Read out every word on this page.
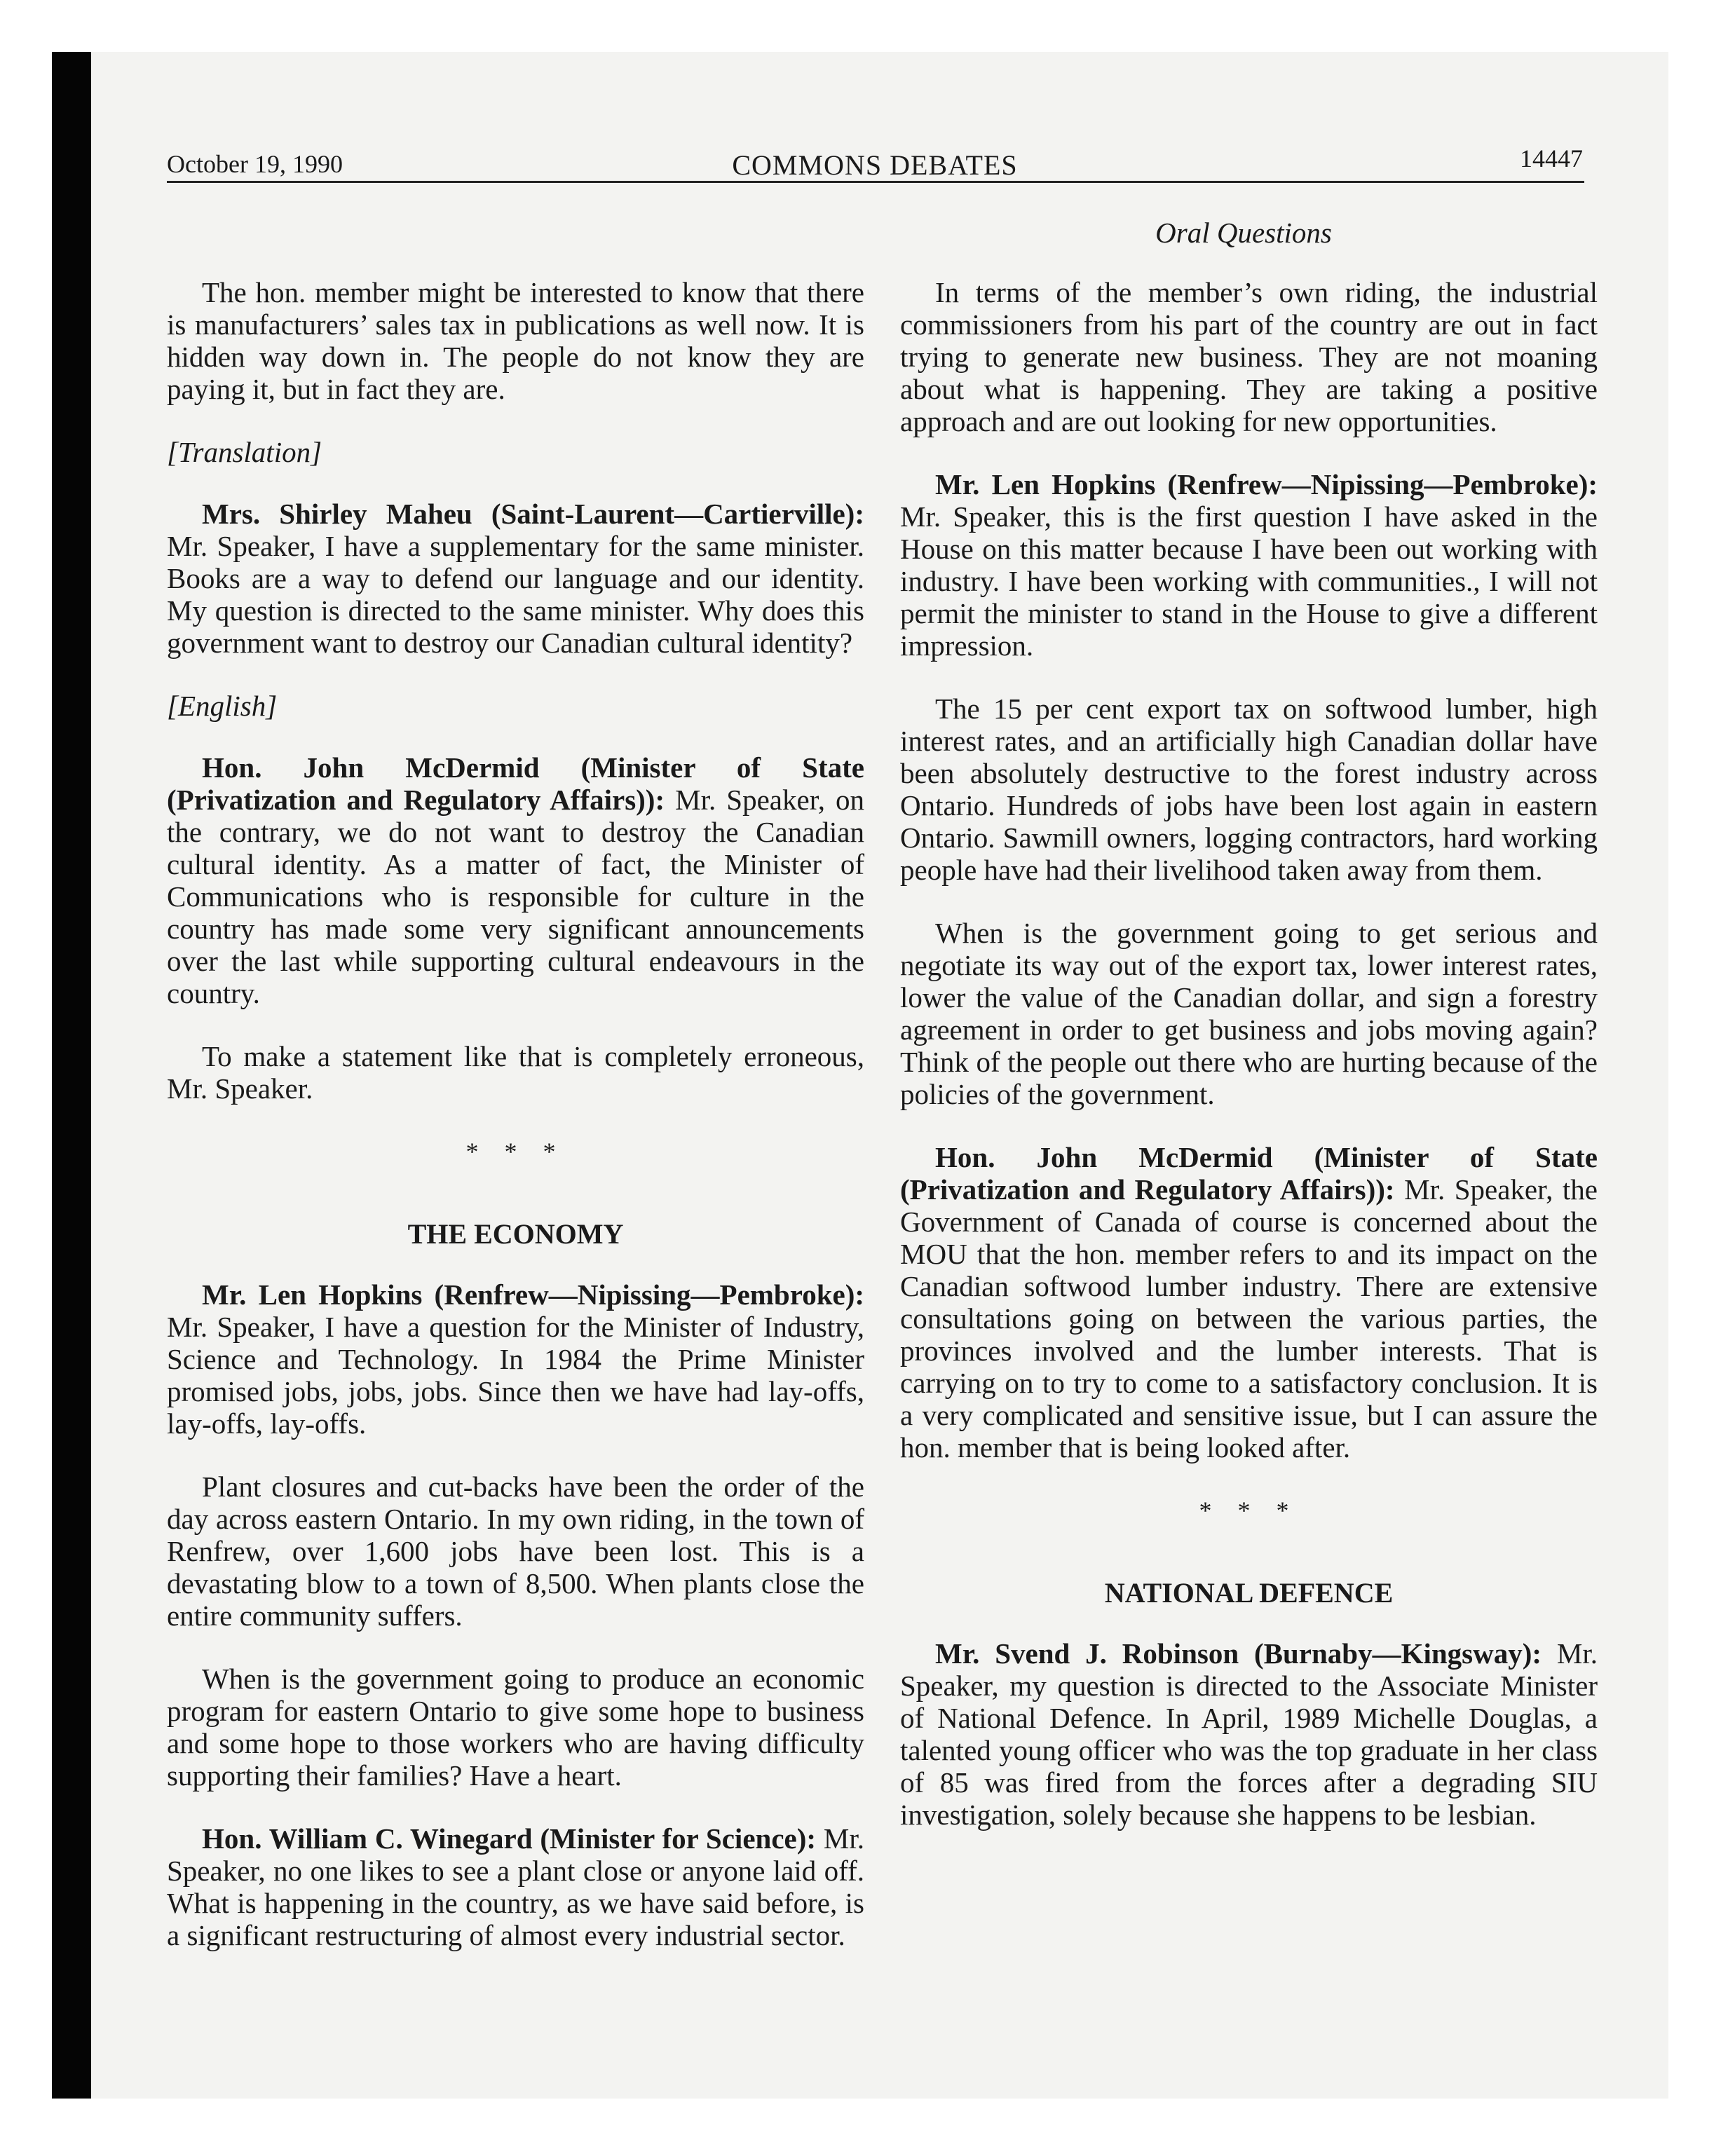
October 19, 1990	COMMONS DEBATES	14447
Oral Questions

The hon. member might be interested to know that there is manufacturers’ sales tax in publications as well now. It is hidden way down in. The people do not know they are paying it, but in fact they are.

[Translation]

Mrs. Shirley Maheu (Saint-Laurent—Cartierville): Mr. Speaker, I have a supplementary for the same minister. Books are a way to defend our language and our identity. My question is directed to the same minister. Why does this government want to destroy our Canadian cultural identity?

[English]

Hon. John McDermid (Minister of State (Privatization and Regulatory Affairs)): Mr. Speaker, on the contrary, we do not want to destroy the Canadian cultural identity. As a matter of fact, the Minister of Communications who is responsible for culture in the country has made some very significant announcements over the last while supporting cultural endeavours in the country.

To make a statement like that is completely erroneous, Mr. Speaker.

* * *

THE ECONOMY

Mr. Len Hopkins (Renfrew—Nipissing—Pembroke): Mr. Speaker, I have a question for the Minister of Industry, Science and Technology. In 1984 the Prime Minister promised jobs, jobs, jobs. Since then we have had lay-offs, lay-offs, lay-offs.

Plant closures and cut-backs have been the order of the day across eastern Ontario. In my own riding, in the town of Renfrew, over 1,600 jobs have been lost. This is a devastating blow to a town of 8,500. When plants close the entire community suffers.

When is the government going to produce an economic program for eastern Ontario to give some hope to business and some hope to those workers who are having difficulty supporting their families? Have a heart.

Hon. William C. Winegard (Minister for Science): Mr. Speaker, no one likes to see a plant close or anyone laid off. What is happening in the country, as we have said before, is a significant restructuring of almost every industrial sector.

In terms of the member’s own riding, the industrial commissioners from his part of the country are out in fact trying to generate new business. They are not moaning about what is happening. They are taking a positive approach and are out looking for new opportunities.

Mr. Len Hopkins (Renfrew—Nipissing—Pembroke): Mr. Speaker, this is the first question I have asked in the House on this matter because I have been out working with industry. I have been working with communities., I will not permit the minister to stand in the House to give a different impression.

The 15 per cent export tax on softwood lumber, high interest rates, and an artificially high Canadian dollar have been absolutely destructive to the forest industry across Ontario. Hundreds of jobs have been lost again in eastern Ontario. Sawmill owners, logging contractors, hard working people have had their livelihood taken away from them.

When is the government going to get serious and negotiate its way out of the export tax, lower interest rates, lower the value of the Canadian dollar, and sign a forestry agreement in order to get business and jobs moving again? Think of the people out there who are hurting because of the policies of the government.

Hon. John McDermid (Minister of State (Privatization and Regulatory Affairs)): Mr. Speaker, the Government of Canada of course is concerned about the MOU that the hon. member refers to and its impact on the Canadian softwood lumber industry. There are extensive consultations going on between the various parties, the provinces involved and the lumber interests. That is carrying on to try to come to a satisfactory conclusion. It is a very complicated and sensitive issue, but I can assure the hon. member that is being looked after.

* * *

NATIONAL DEFENCE

Mr. Svend J. Robinson (Burnaby—Kingsway): Mr. Speaker, my question is directed to the Associate Minister of National Defence. In April, 1989 Michelle Douglas, a talented young officer who was the top graduate in her class of 85 was fired from the forces after a degrading SIU investigation, solely because she happens to be lesbian.
